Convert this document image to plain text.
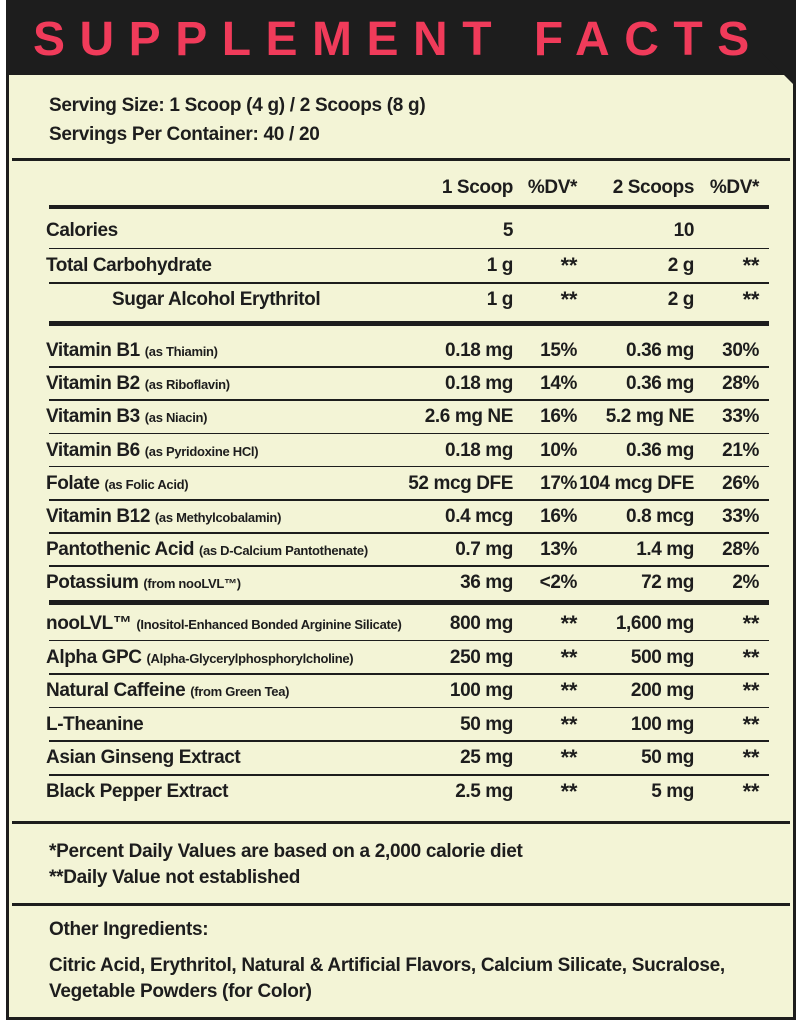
SUPPLEMENT FACTS
Serving Size: 1 Scoop (4 g) / 2 Scoops (8 g)
Servings Per Container: 40 / 20
1 Scoop %DV* 2 Scoops %DV*
Calories	5	10
Total Carbohydrate	1 g **	2 g **
Sugar Alcohol Erythritol	1 g **	2 g **
Vitamin B1 (as Thiamin)	0.18 mg 15%	0.36 mg 30%
Vitamin B2 (as Riboflavin)	0.18 mg 14%	0.36 mg 28%
Vitamin B3 (as Niacin)	2.6 mg NE 16% 5.2 mg NE 33%
Vitamin B6 (as Pyridoxine HCl)	0.18 mg 10%	0.36 mg 21%
Folate (as Folic Acid)	52 mcg DFE 17% 104 mcg DFE 26%
Vitamin B12 (as Methylcobalamin)	0.4 mcg 16%	0.8 mcg 33%
Pantothenic Acid (as D-Calcium Pantothenate)	0.7 mg 13%	1.4 mg 28%
Potassium (from nooLVL™)	36 mg <2%	72 mg 2%
nooLVL™ (Inositol-Enhanced Bonded Arginine Silicate)	800 mg ** 1,600 mg **
Alpha GPC (Alpha-Glycerylphosphorylcholine)	250 mg **	500 mg **
Natural Caffeine (from Green Tea)	100 mg **	200 mg **
L-Theanine	50 mg **	100 mg **
Asian Ginseng Extract	25 mg **	50 mg **
Black Pepper Extract	2.5 mg **	5 mg **
*Percent Daily Values are based on a 2,000 calorie diet
**Daily Value not established
Other Ingredients:
Citric Acid, Erythritol, Natural & Artificial Flavors, Calcium Silicate, Sucralose,
Vegetable Powders (for Color)
